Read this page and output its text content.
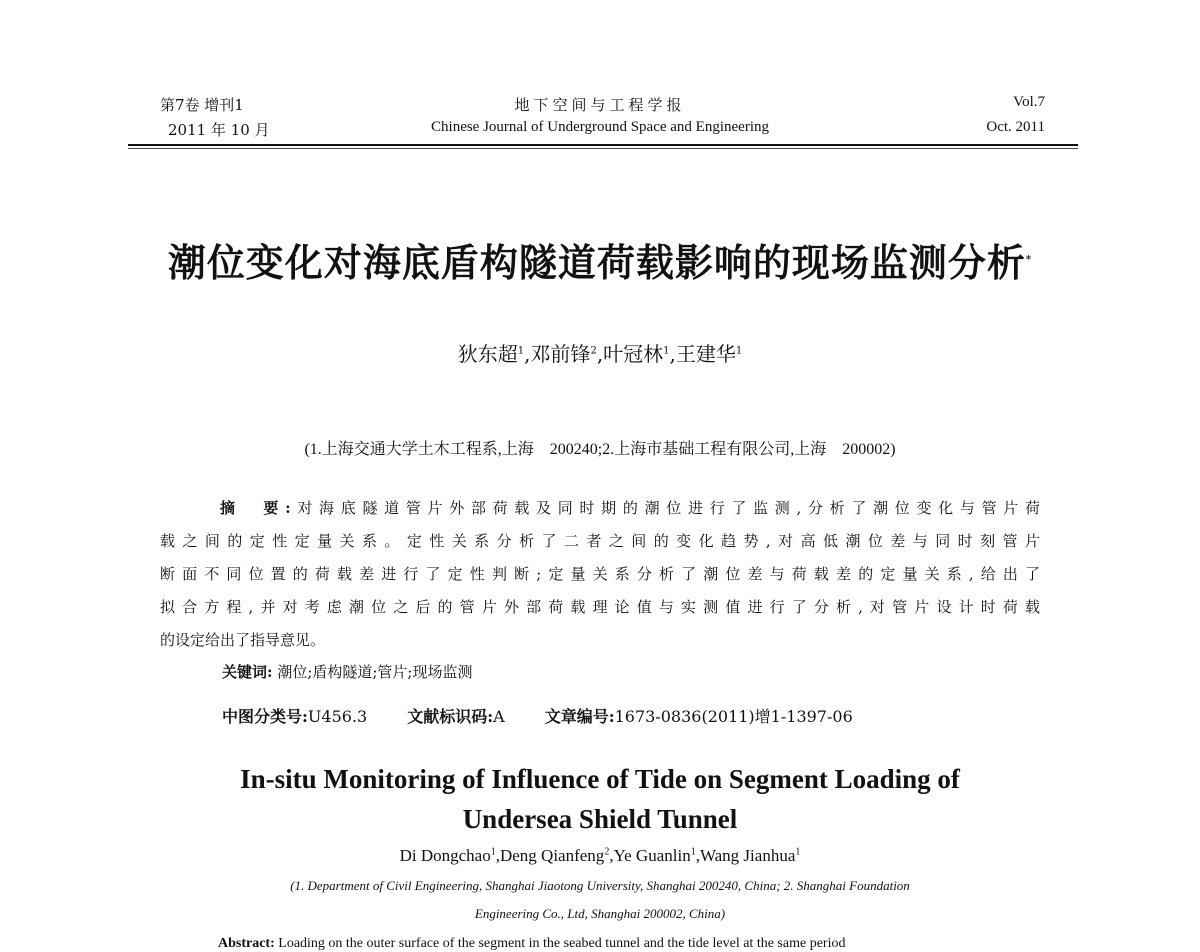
第7卷 增刊1
2011 年 10 月
地下空间与工程学报
Chinese Journal of Underground Space and Engineering
Vol.7
Oct. 2011
潮位变化对海底盾构隧道荷载影响的现场监测分析*
狄东超$^1$,邓前锋$^2$,叶冠林$^1$,王建华$^1$
(1.上海交通大学土木工程系,上海　200240;2.上海市基础工程有限公司,上海　200002)
摘　要:对海底隧道管片外部荷载及同时期的潮位进行了监测,分析了潮位变化与管片荷
载之间的定性定量关系。定性关系分析了二者之间的变化趋势,对高低潮位差与同时刻管片
断面不同位置的荷载差进行了定性判断;定量关系分析了潮位差与荷载差的定量关系,给出了
拟合方程,并对考虑潮位之后的管片外部荷载理论值与实测值进行了分析,对管片设计时荷载
的设定给出了指导意见。
关键词: 潮位;盾构隧道;管片;现场监测
中图分类号:U456.3	文献标识码:A	文章编号:1673-0836(2011)增1-1397-06
In-situ Monitoring of Influence of Tide on Segment Loading of
Undersea Shield Tunnel
Di Dongchao$^1$,Deng Qianfeng$^2$,Ye Guanlin$^1$,Wang Jianhua$^1$
(1. Department of Civil Engineering, Shanghai Jiaotong University, Shanghai 200240, China; 2. Shanghai Foundation
Engineering Co., Ltd, Shanghai 200002, China)
Abstract: Loading on the outer surface of the segment in the seabed tunnel and the tide level at the same period
